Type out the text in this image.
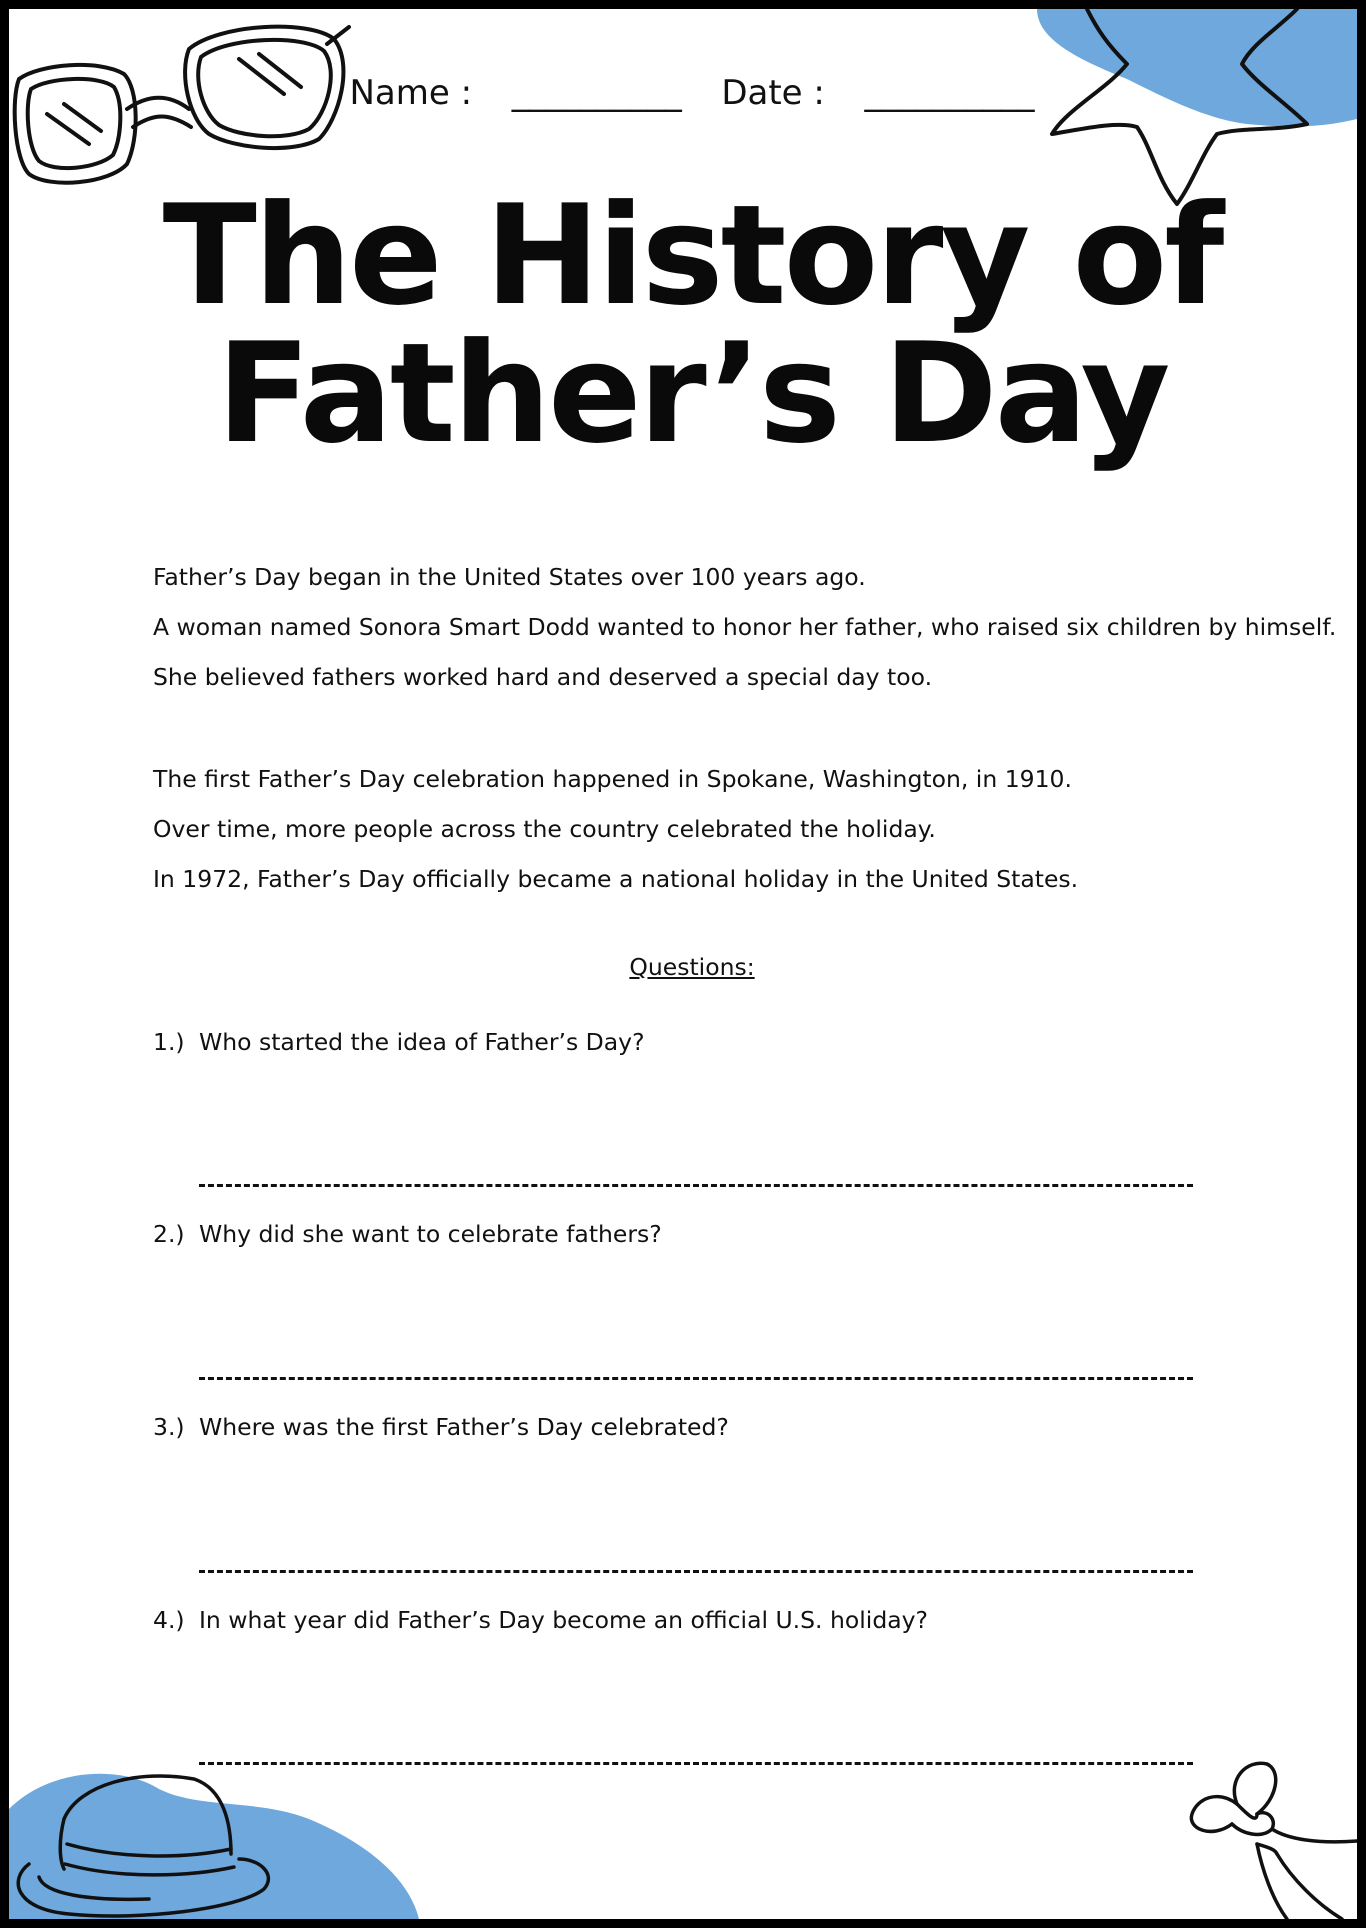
Name : __________ Date : __________
The History of
Father’s Day

Father’s Day began in the United States over 100 years ago.

A woman named Sonora Smart Dodd wanted to honor her father, who raised six children by himself.

She believed fathers worked hard and deserved a special day too.

The first Father’s Day celebration happened in Spokane, Washington, in 1910.

Over time, more people across the country celebrated the holiday.

In 1972, Father’s Day officially became a national holiday in the United States.

Questions:
1.) Who started the idea of Father’s Day?
2.) Why did she want to celebrate fathers?
3.) Where was the first Father’s Day celebrated?
4.) In what year did Father’s Day become an official U.S. holiday?
